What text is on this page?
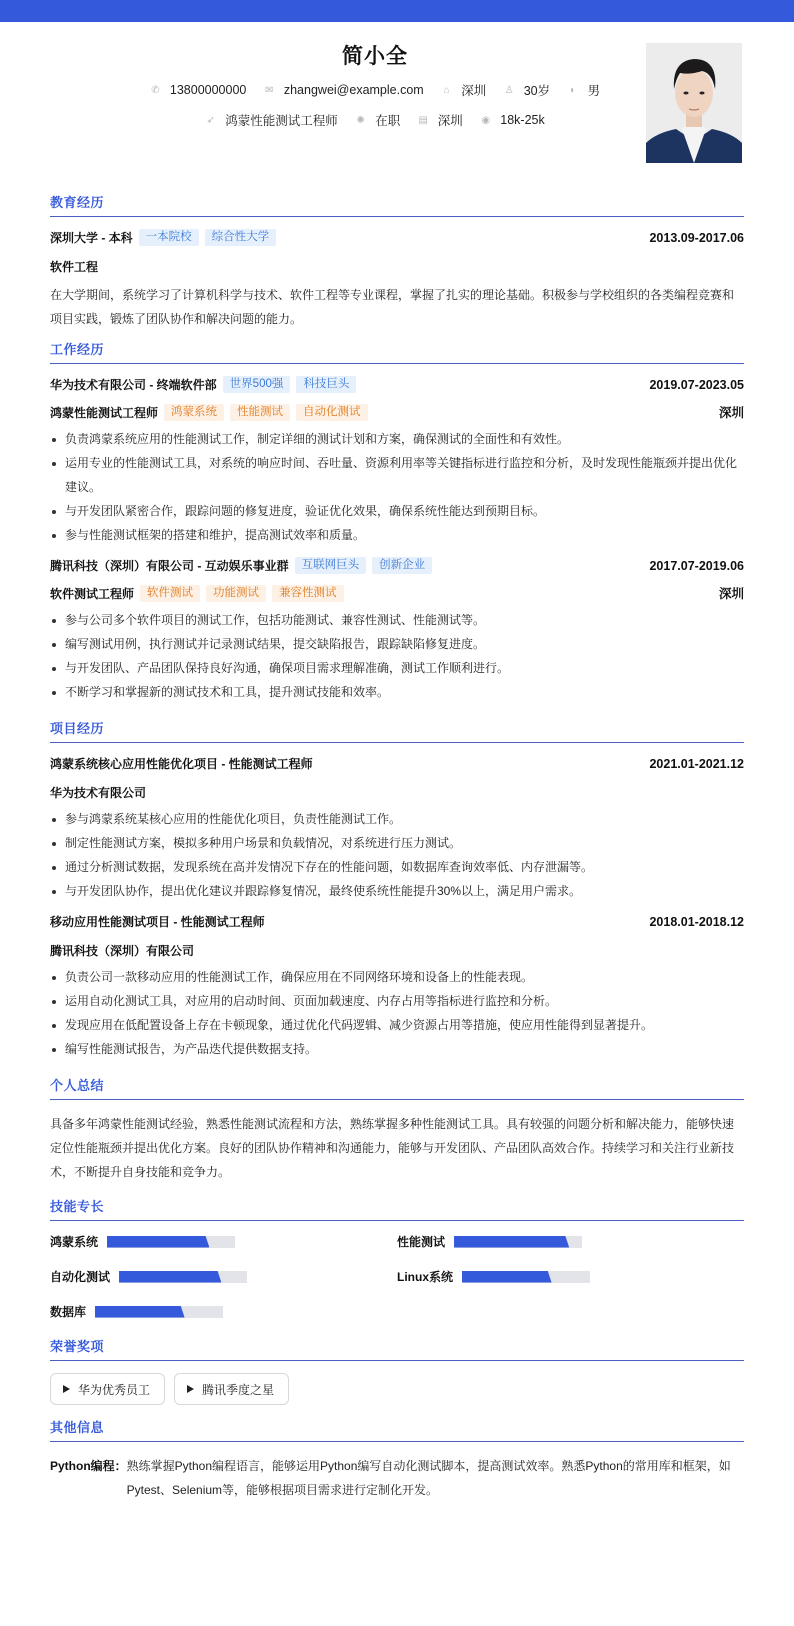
简小全
✆ 13800000000
✉ zhangwei@example.com
⌂ 深圳
♙ 30岁
◐ 男
➶ 鸿蒙性能测试工程师
✺ 在职
▤ 深圳
◉ 18k-25k
教育经历
深圳大学 - 本科	一本院校	综合性大学	2013.09-2017.06
软件工程
在大学期间，系统学习了计算机科学与技术、软件工程等专业课程，掌握了扎实的理论基础。积极参与学校组织的各类编程竞赛和项目实践，锻炼了团队协作和解决问题的能力。
工作经历
华为技术有限公司 - 终端软件部	世界500强	科技巨头	2019.07-2023.05
鸿蒙性能测试工程师	鸿蒙系统	性能测试	自动化测试	深圳
负责鸿蒙系统应用的性能测试工作，制定详细的测试计划和方案，确保测试的全面性和有效性。
运用专业的性能测试工具，对系统的响应时间、吞吐量、资源利用率等关键指标进行监控和分析，及时发现性能瓶颈并提出优化建议。
与开发团队紧密合作，跟踪问题的修复进度，验证优化效果，确保系统性能达到预期目标。
参与性能测试框架的搭建和维护，提高测试效率和质量。
腾讯科技（深圳）有限公司 - 互动娱乐事业群	互联网巨头	创新企业	2017.07-2019.06
软件测试工程师	软件测试	功能测试	兼容性测试	深圳
参与公司多个软件项目的测试工作，包括功能测试、兼容性测试、性能测试等。
编写测试用例，执行测试并记录测试结果，提交缺陷报告，跟踪缺陷修复进度。
与开发团队、产品团队保持良好沟通，确保项目需求理解准确，测试工作顺利进行。
不断学习和掌握新的测试技术和工具，提升测试技能和效率。
项目经历
鸿蒙系统核心应用性能优化项目 - 性能测试工程师	2021.01-2021.12
华为技术有限公司
参与鸿蒙系统某核心应用的性能优化项目，负责性能测试工作。
制定性能测试方案，模拟多种用户场景和负载情况，对系统进行压力测试。
通过分析测试数据，发现系统在高并发情况下存在的性能问题，如数据库查询效率低、内存泄漏等。
与开发团队协作，提出优化建议并跟踪修复情况，最终使系统性能提升30%以上，满足用户需求。
移动应用性能测试项目 - 性能测试工程师	2018.01-2018.12
腾讯科技（深圳）有限公司
负责公司一款移动应用的性能测试工作，确保应用在不同网络环境和设备上的性能表现。
运用自动化测试工具，对应用的启动时间、页面加载速度、内存占用等指标进行监控和分析。
发现应用在低配置设备上存在卡顿现象，通过优化代码逻辑、减少资源占用等措施，使应用性能得到显著提升。
编写性能测试报告，为产品迭代提供数据支持。
个人总结
具备多年鸿蒙性能测试经验，熟悉性能测试流程和方法，熟练掌握多种性能测试工具。具有较强的问题分析和解决能力，能够快速定位性能瓶颈并提出优化方案。良好的团队协作精神和沟通能力，能够与开发团队、产品团队高效合作。持续学习和关注行业新技术，不断提升自身技能和竞争力。
技能专长
鸿蒙系统	性能测试
自动化测试	Linux系统
数据库
荣誉奖项
华为优秀员工	腾讯季度之星
其他信息
Python编程： 熟练掌握Python编程语言，能够运用Python编写自动化测试脚本，提高测试效率。熟悉Python的常用库和框架，如Pytest、Selenium等，能够根据项目需求进行定制化开发。
